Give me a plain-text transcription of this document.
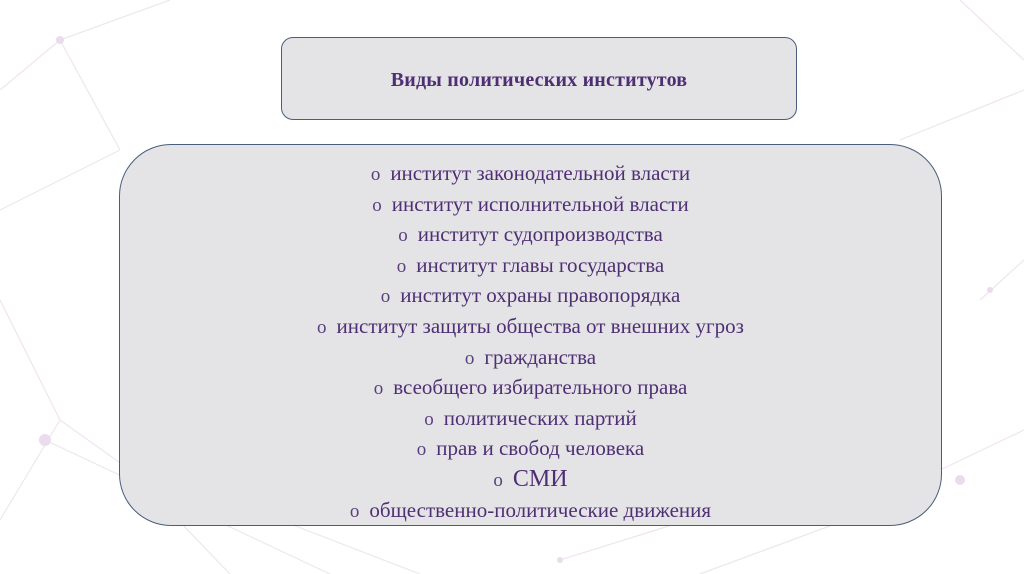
Виды политических институтов
o институт законодательной власти
o институт исполнительной власти
o институт судопроизводства
o институт главы государства
o институт охраны правопорядка
o институт защиты общества от внешних угроз
o гражданства
o всеобщего избирательного права
o политических партий
o прав и свобод человека
o СМИ
o общественно-политические движения
